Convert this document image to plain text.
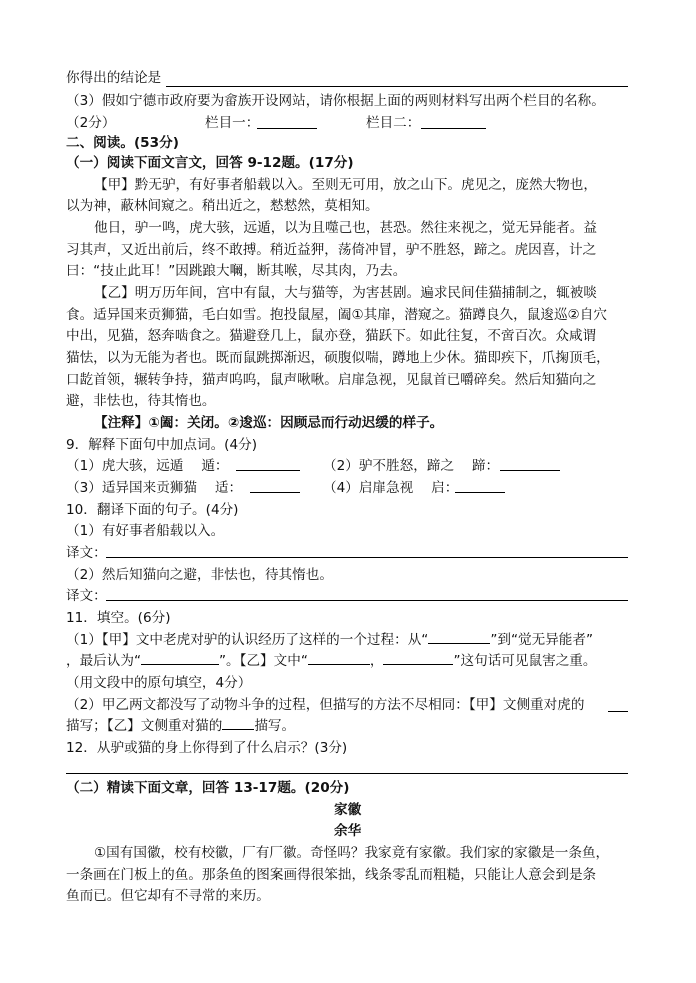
你得出的结论是
（3）假如宁德市政府要为畲族开设网站，请你根据上面的两则材料写出两个栏目的名称。
（2分）	栏目一：	栏目二：
二、阅读。(53分)
（一）阅读下面文言文，回答 9-12题。(17分)
【甲】黔无驴，有好事者船载以入。至则无可用，放之山下。虎见之，庞然大物也，
以为神，蔽林间窥之。稍出近之，慭慭然，莫相知。
他日，驴一鸣，虎大骇，远遁，以为且噬己也，甚恐。然往来视之，觉无异能者。益
习其声，又近出前后，终不敢搏。稍近益狎，荡倚冲冒，驴不胜怒，蹄之。虎因喜，计之
曰：“技止此耳！”因跳踉大㘎，断其喉，尽其肉，乃去。
【乙】明万历年间，宫中有鼠，大与猫等，为害甚剧。遍求民间佳猫捕制之，辄被啖
食。适异国来贡狮猫，毛白如雪。抱投鼠屋，阖①其扉，潜窥之。猫蹲良久，鼠逡巡②自穴
中出，见猫，怒奔啮食之。猫避登几上，鼠亦登，猫跃下。如此往复，不啻百次。众咸谓
猫怯，以为无能为者也。既而鼠跳掷渐迟，硕腹似喘，蹲地上少休。猫即疾下，爪掬顶毛，
口龁首领，辗转争持，猫声呜呜，鼠声啾啾。启扉急视，见鼠首已嚼碎矣。然后知猫向之
避，非怯也，待其惰也。
【注释】①阖：关闭。②逡巡：因顾忌而行动迟缓的样子。
9．解释下面句中加点词。(4分)
（1）虎大骇，远遁　 遁：	（2）驴不胜怒，蹄之　 蹄：
（3）适异国来贡狮猫　 适：	（4）启扉急视　 启：
10．翻译下面的句子。(4分)
（1）有好事者船载以入。
译文：
（2）然后知猫向之避，非怯也，待其惰也。
译文：
11．填空。(6分)
（1）【甲】文中老虎对驴的认识经历了这样的一个过程：从“	”到“觉无异能者”
，最后认为“	”。【乙】文中“	，	”这句话可见鼠害之重。
（用文段中的原句填空，4分）
（2）甲乙两文都没写了动物斗争的过程，但描写的方法不尽相同：【甲】文侧重对虎的
描写；【乙】文侧重对猫的 描写。
12．从驴或猫的身上你得到了什么启示？(3分)
（二）精读下面文章，回答 13-17题。(20分)
家徽
余华
①国有国徽，校有校徽，厂有厂徽。奇怪吗？我家竟有家徽。我们家的家徽是一条鱼，
一条画在门板上的鱼。那条鱼的图案画得很笨拙，线条零乱而粗糙，只能让人意会到是条
鱼而已。但它却有不寻常的来历。
